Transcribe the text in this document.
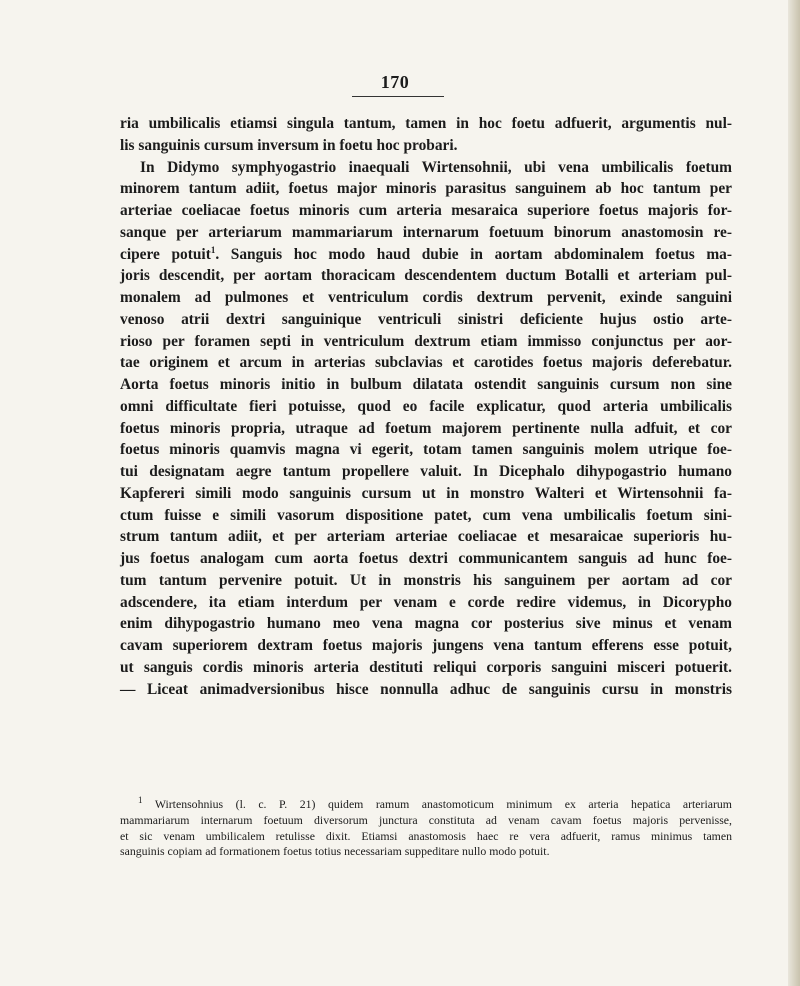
170
ria umbilicalis etiamsi singula tantum, tamen in hoc foetu adfuerit, argumentis nul-
lis sanguinis cursum inversum in foetu hoc probari.
In Didymo symphyogastrio inaequali Wirtensohnii, ubi vena umbilicalis foetum
minorem tantum adiit, foetus major minoris parasitus sanguinem ab hoc tantum per
arteriae coeliacae foetus minoris cum arteria mesaraica superiore foetus majoris for-
sanque per arteriarum mammariarum internarum foetuum binorum anastomosin re-
cipere potuit$^1$. Sanguis hoc modo haud dubie in aortam abdominalem foetus ma-
joris descendit, per aortam thoracicam descendentem ductum Botalli et arteriam pul-
monalem ad pulmones et ventriculum cordis dextrum pervenit, exinde sanguini
venoso atrii dextri sanguinique ventriculi sinistri deficiente hujus ostio arte-
rioso per foramen septi in ventriculum dextrum etiam immisso conjunctus per aor-
tae originem et arcum in arterias subclavias et carotides foetus majoris deferebatur.
Aorta foetus minoris initio in bulbum dilatata ostendit sanguinis cursum non sine
omni difficultate fieri potuisse, quod eo facile explicatur, quod arteria umbilicalis
foetus minoris propria, utraque ad foetum majorem pertinente nulla adfuit, et cor
foetus minoris quamvis magna vi egerit, totam tamen sanguinis molem utrique foe-
tui designatam aegre tantum propellere valuit. In Dicephalo dihypogastrio humano
Kapfereri simili modo sanguinis cursum ut in monstro Walteri et Wirtensohnii fa-
ctum fuisse e simili vasorum dispositione patet, cum vena umbilicalis foetum sini-
strum tantum adiit, et per arteriam arteriae coeliacae et mesaraicae superioris hu-
jus foetus analogam cum aorta foetus dextri communicantem sanguis ad hunc foe-
tum tantum pervenire potuit. Ut in monstris his sanguinem per aortam ad cor
adscendere, ita etiam interdum per venam e corde redire videmus, in Dicorypho
enim dihypogastrio humano meo vena magna cor posterius sive minus et venam
cavam superiorem dextram foetus majoris jungens vena tantum efferens esse potuit,
ut sanguis cordis minoris arteria destituti reliqui corporis sanguini misceri potuerit.
— Liceat animadversionibus hisce nonnulla adhuc de sanguinis cursu in monstris
$^1$ Wirtensohnius (l. c. P. 21) quidem ramum anastomoticum minimum ex arteria hepatica arteriarum
mammariarum internarum foetuum diversorum junctura constituta ad venam cavam foetus majoris pervenisse,
et sic venam umbilicalem retulisse dixit. Etiamsi anastomosis haec re vera adfuerit, ramus minimus tamen
sanguinis copiam ad formationem foetus totius necessariam suppeditare nullo modo potuit.
